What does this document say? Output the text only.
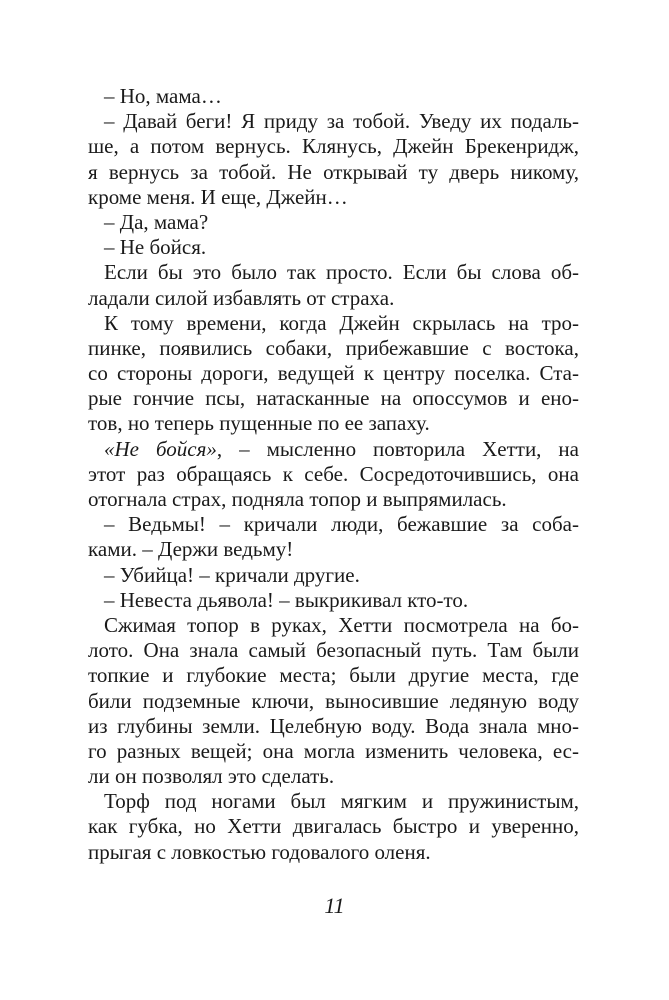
– Но, мама…
– Давай беги! Я приду за тобой. Уведу их подаль-
ше, а потом вернусь. Клянусь, Джейн Брекенридж,
я вернусь за тобой. Не открывай ту дверь никому,
кроме меня. И еще, Джейн…
– Да, мама?
– Не бойся.
Если бы это было так просто. Если бы слова об-
ладали силой избавлять от страха.
К тому времени, когда Джейн скрылась на тро-
пинке, появились собаки, прибежавшие с востока,
со стороны дороги, ведущей к центру поселка. Ста-
рые гончие псы, натасканные на опоссумов и ено-
тов, но теперь пущенные по ее запаху.
«Не бойся», – мысленно повторила Хетти, на
этот раз обращаясь к себе. Сосредоточившись, она
отогнала страх, подняла топор и выпрямилась.
– Ведьмы! – кричали люди, бежавшие за соба-
ками. – Держи ведьму!
– Убийца! – кричали другие.
– Невеста дьявола! – выкрикивал кто-то.
Сжимая топор в руках, Хетти посмотрела на бо-
лото. Она знала самый безопасный путь. Там были
топкие и глубокие места; были другие места, где
били подземные ключи, выносившие ледяную воду
из глубины земли. Целебную воду. Вода знала мно-
го разных вещей; она могла изменить человека, ес-
ли он позволял это сделать.
Торф под ногами был мягким и пружинистым,
как губка, но Хетти двигалась быстро и уверенно,
прыгая с ловкостью годовалого оленя.
11
